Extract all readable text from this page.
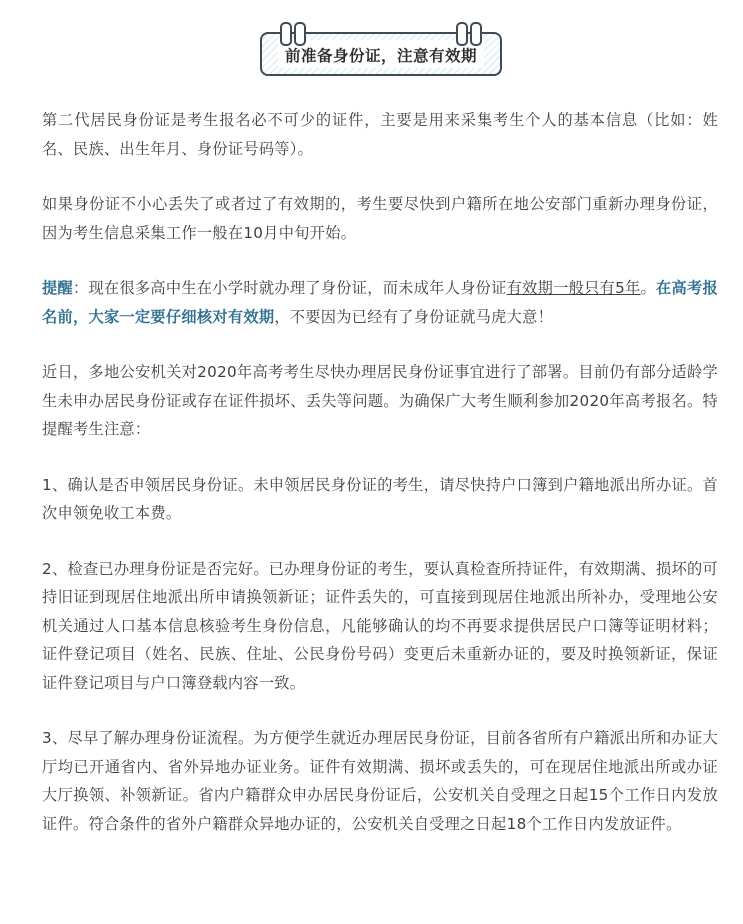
前准备身份证，注意有效期

第二代居民身份证是考生报名必不可少的证件，主要是用来采集考生个人的基本信息（比如：姓名、民族、出生年月、身份证号码等）。

如果身份证不小心丢失了或者过了有效期的，考生要尽快到户籍所在地公安部门重新办理身份证，因为考生信息采集工作一般在10月中旬开始。

提醒：现在很多高中生在小学时就办理了身份证，而未成年人身份证有效期一般只有5年。在高考报名前，大家一定要仔细核对有效期，不要因为已经有了身份证就马虎大意！

近日，多地公安机关对2020年高考考生尽快办理居民身份证事宜进行了部署。目前仍有部分适龄学生未申办居民身份证或存在证件损坏、丢失等问题。为确保广大考生顺利参加2020年高考报名。特提醒考生注意：

1、确认是否申领居民身份证。未申领居民身份证的考生，请尽快持户口簿到户籍地派出所办证。首次申领免收工本费。

2、检查已办理身份证是否完好。已办理身份证的考生，要认真检查所持证件，有效期满、损坏的可持旧证到现居住地派出所申请换领新证；证件丢失的，可直接到现居住地派出所补办，受理地公安机关通过人口基本信息核验考生身份信息，凡能够确认的均不再要求提供居民户口簿等证明材料；证件登记项目（姓名、民族、住址、公民身份号码）变更后未重新办证的，要及时换领新证，保证证件登记项目与户口簿登载内容一致。

3、尽早了解办理身份证流程。为方便学生就近办理居民身份证，目前各省所有户籍派出所和办证大厅均已开通省内、省外异地办证业务。证件有效期满、损坏或丢失的，可在现居住地派出所或办证大厅换领、补领新证。省内户籍群众申办居民身份证后，公安机关自受理之日起15个工作日内发放证件。符合条件的省外户籍群众异地办证的，公安机关自受理之日起18个工作日内发放证件。
